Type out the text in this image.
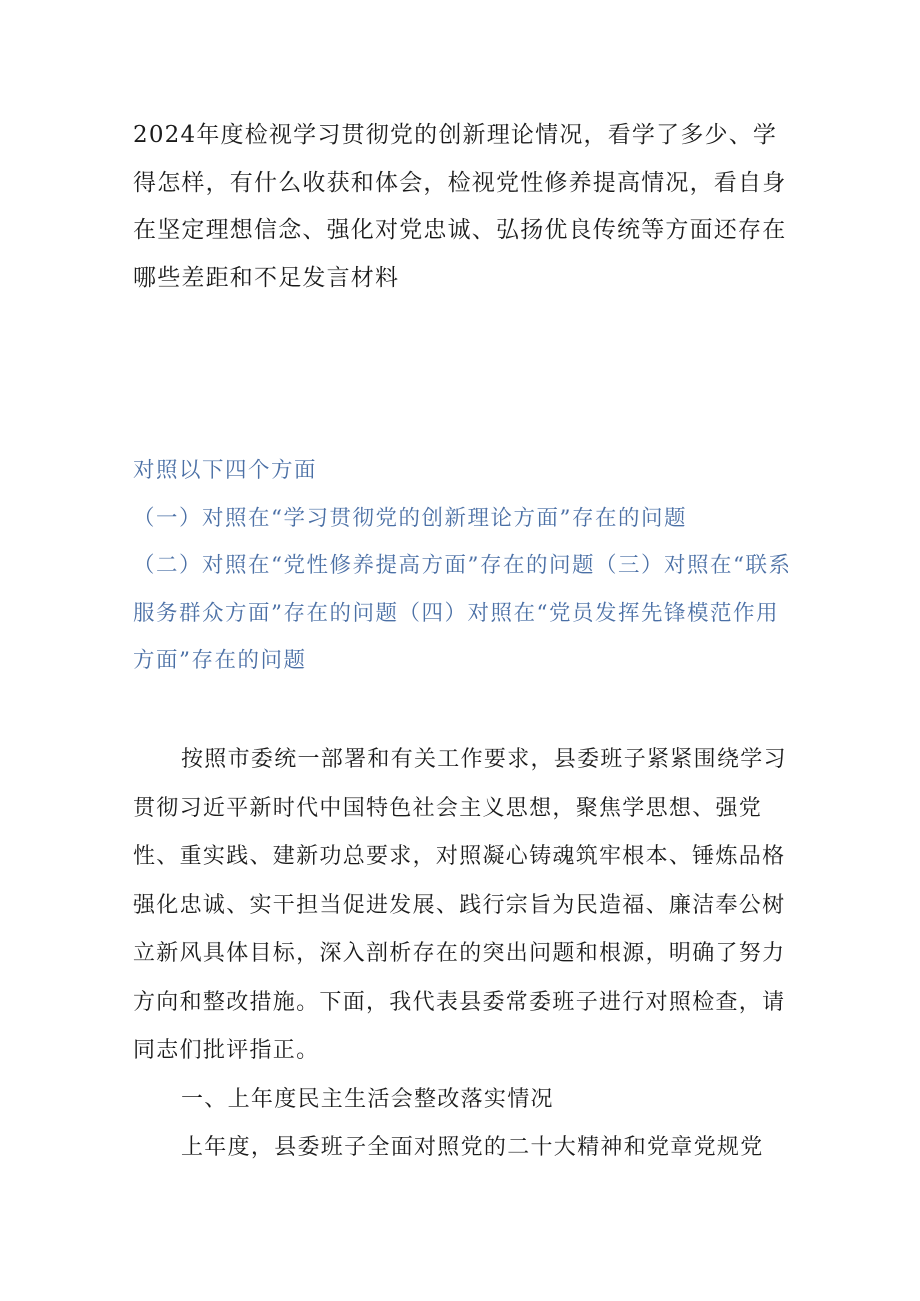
2024年度检视学习贯彻党的创新理论情况，看学了多少、学得怎样，有什么收获和体会，检视党性修养提高情况，看自身在坚定理想信念、强化对党忠诚、弘扬优良传统等方面还存在哪些差距和不足发言材料

对照以下四个方面

（一）对照在“学习贯彻党的创新理论方面”存在的问题

（二）对照在“党性修养提高方面”存在的问题（三）对照在“联系服务群众方面”存在的问题（四）对照在“党员发挥先锋模范作用方面”存在的问题

按照市委统一部署和有关工作要求，县委班子紧紧围绕学习贯彻习近平新时代中国特色社会主义思想，聚焦学思想、强党性、重实践、建新功总要求，对照凝心铸魂筑牢根本、锤炼品格强化忠诚、实干担当促进发展、践行宗旨为民造福、廉洁奉公树立新风具体目标，深入剖析存在的突出问题和根源，明确了努力方向和整改措施。下面，我代表县委常委班子进行对照检查，请同志们批评指正。

一、上年度民主生活会整改落实情况

上年度，县委班子全面对照党的二十大精神和党章党规党
